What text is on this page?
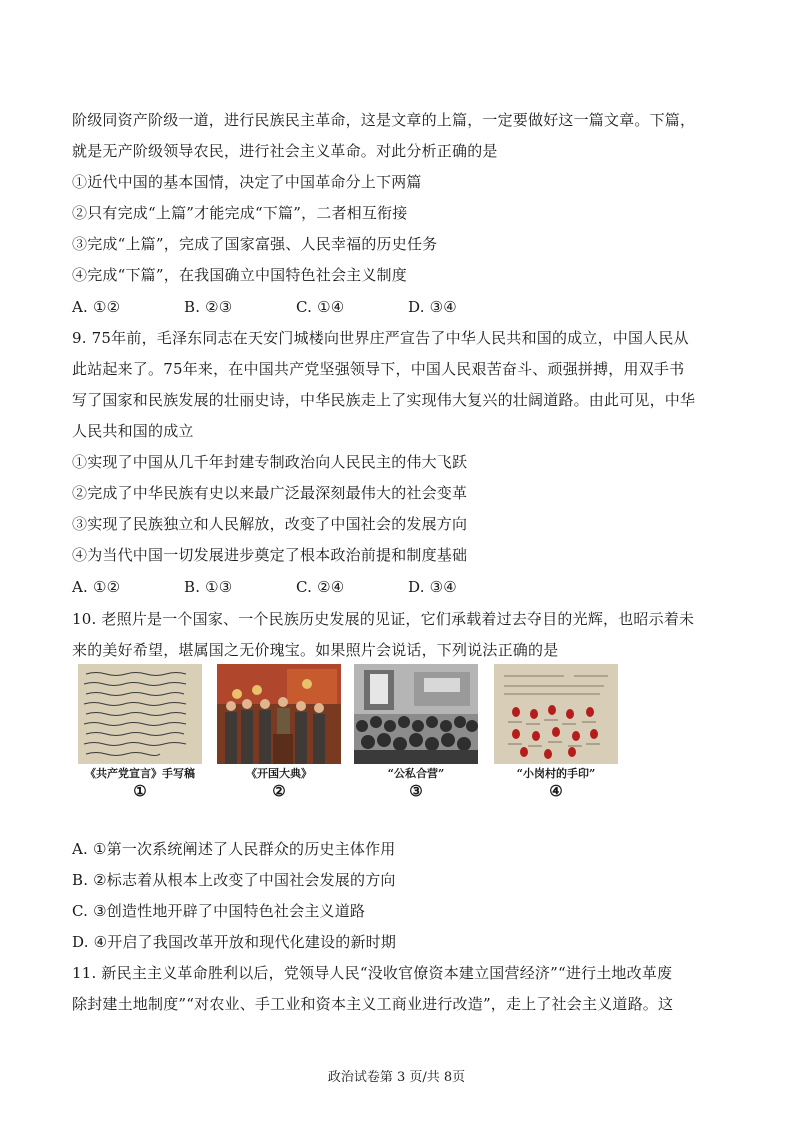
阶级同资产阶级一道，进行民族民主革命，这是文章的上篇，一定要做好这一篇文章。下篇，
就是无产阶级领导农民，进行社会主义革命。对此分析正确的是
①近代中国的基本国情，决定了中国革命分上下两篇
②只有完成“上篇”才能完成“下篇”，二者相互衔接
③完成“上篇”，完成了国家富强、人民幸福的历史任务
④完成“下篇”，在我国确立中国特色社会主义制度
A. ①②	B. ②③	C. ①④	D. ③④
9. 75年前，毛泽东同志在天安门城楼向世界庄严宣告了中华人民共和国的成立，中国人民从
此站起来了。75年来，在中国共产党坚强领导下，中国人民艰苦奋斗、顽强拼搏，用双手书
写了国家和民族发展的壮丽史诗，中华民族走上了实现伟大复兴的壮阔道路。由此可见，中华
人民共和国的成立
①实现了中国从几千年封建专制政治向人民民主的伟大飞跃
②完成了中华民族有史以来最广泛最深刻最伟大的社会变革
③实现了民族独立和人民解放，改变了中国社会的发展方向
④为当代中国一切发展进步奠定了根本政治前提和制度基础
A. ①②	B. ①③	C. ②④	D. ③④
10. 老照片是一个国家、一个民族历史发展的见证，它们承载着过去夺目的光辉，也昭示着未
来的美好希望，堪属国之无价瑰宝。如果照片会说话，下列说法正确的是
《共产党宣言》手写稿
①
《开国大典》
②
“公私合营”
③
“小岗村的手印”
④
A. ①第一次系统阐述了人民群众的历史主体作用
B. ②标志着从根本上改变了中国社会发展的方向
C. ③创造性地开辟了中国特色社会主义道路
D. ④开启了我国改革开放和现代化建设的新时期
11. 新民主主义革命胜利以后，党领导人民“没收官僚资本建立国营经济”“进行土地改革废
除封建土地制度”“对农业、手工业和资本主义工商业进行改造”，走上了社会主义道路。这
政治试卷第 3 页/共 8页
